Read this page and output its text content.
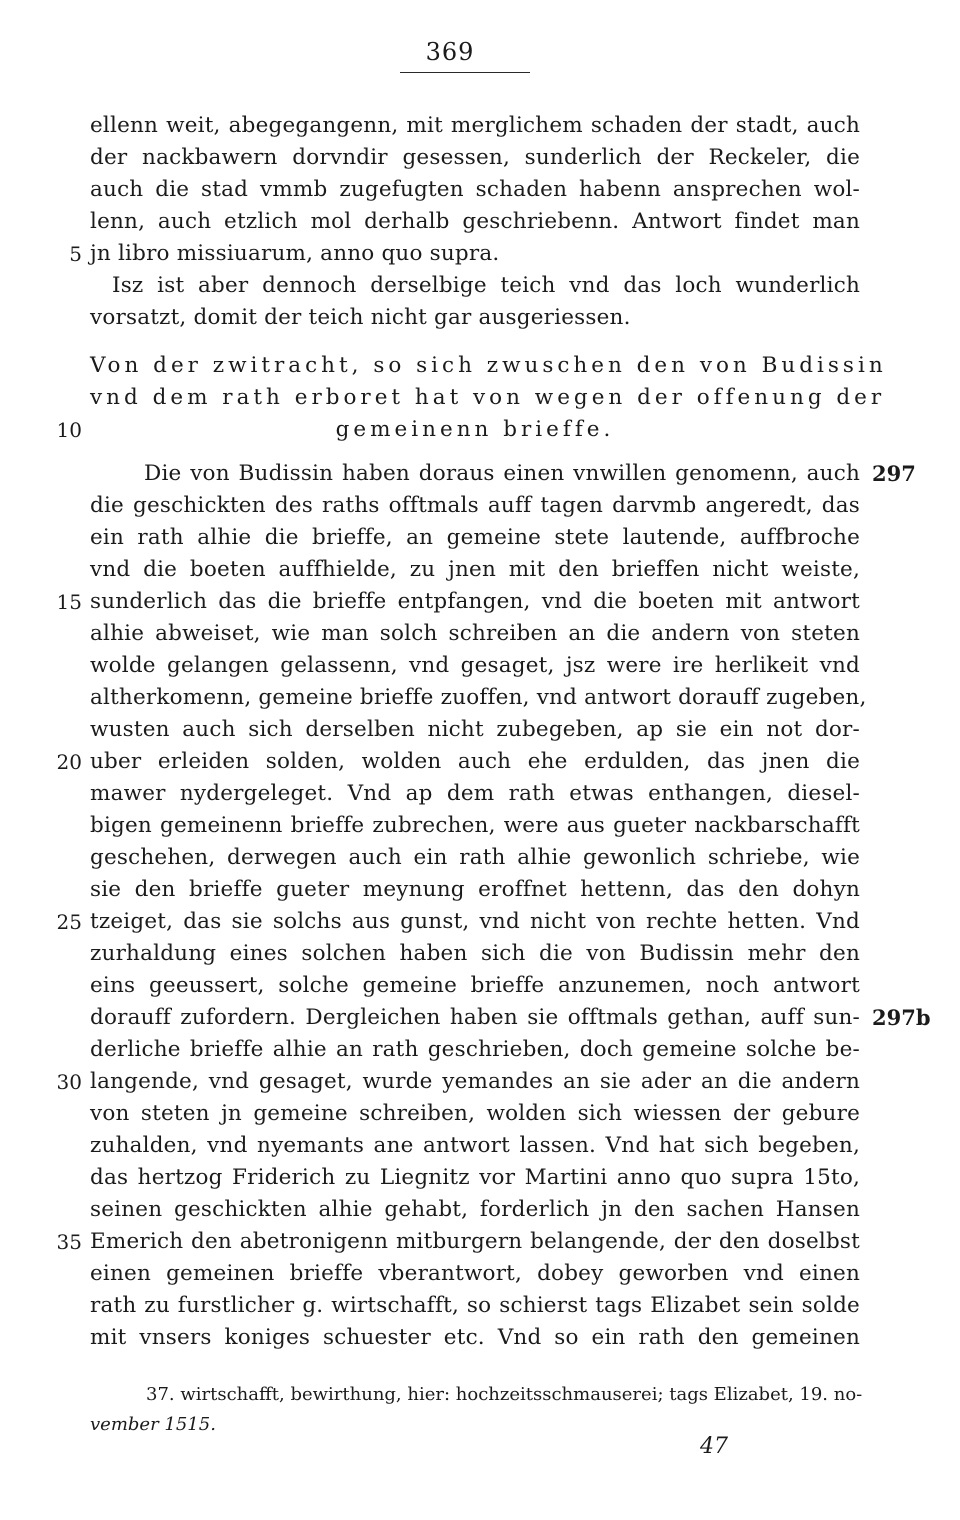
369
ellenn weit, abegegangenn, mit merglichem schaden der stadt, auch
der nackbawern dorvndir gesessen, sunderlich der Reckeler, die
auch die stad vmmb zugefugten schaden habenn ansprechen wol-
lenn, auch etzlich mol derhalb geschriebenn. Antwort findet man
jn libro missiuarum, anno quo supra.
Isz ist aber dennoch derselbige teich vnd das loch wunderlich
vorsatzt, domit der teich nicht gar ausgeriessen.
Von der zwitracht, so sich zwuschen den von Budissin
vnd dem rath erboret hat von wegen der offenung der
gemeinenn brieffe.
Die von Budissin haben doraus einen vnwillen genomenn, auch
die geschickten des raths offtmals auff tagen darvmb angeredt, das
ein rath alhie die brieffe, an gemeine stete lautende, auffbroche
vnd die boeten auffhielde, zu jnen mit den brieffen nicht weiste,
sunderlich das die brieffe entpfangen, vnd die boeten mit antwort
alhie abweiset, wie man solch schreiben an die andern von steten
wolde gelangen gelassenn, vnd gesaget, jsz were ire herlikeit vnd
altherkomenn, gemeine brieffe zuoffen, vnd antwort dorauff zugeben,
wusten auch sich derselben nicht zubegeben, ap sie ein not dor-
uber erleiden solden, wolden auch ehe erdulden, das jnen die
mawer nydergeleget. Vnd ap dem rath etwas enthangen, diesel-
bigen gemeinenn brieffe zubrechen, were aus gueter nackbarschafft
geschehen, derwegen auch ein rath alhie gewonlich schriebe, wie
sie den brieffe gueter meynung eroffnet hettenn, das den dohyn
tzeiget, das sie solchs aus gunst, vnd nicht von rechte hetten. Vnd
zurhaldung eines solchen haben sich die von Budissin mehr den
eins geeussert, solche gemeine brieffe anzunemen, noch antwort
dorauff zufordern. Dergleichen haben sie offtmals gethan, auff sun-
derliche brieffe alhie an rath geschrieben, doch gemeine solche be-
langende, vnd gesaget, wurde yemandes an sie ader an die andern
von steten jn gemeine schreiben, wolden sich wiessen der gebure
zuhalden, vnd nyemants ane antwort lassen. Vnd hat sich begeben,
das hertzog Friderich zu Liegnitz vor Martini anno quo supra 15to,
seinen geschickten alhie gehabt, forderlich jn den sachen Hansen
Emerich den abetronigenn mitburgern belangende, der den doselbst
einen gemeinen brieffe vberantwort, dobey geworben vnd einen
rath zu furstlicher g. wirtschafft, so schierst tags Elizabet sein solde
mit vnsers koniges schuester etc. Vnd so ein rath den gemeinen
5
10
15
20
25
30
35
297
297b
37. wirtschafft, bewirthung, hier: hochzeitsschmauserei; tags Elizabet, 19. no-
vember 1515.
47
